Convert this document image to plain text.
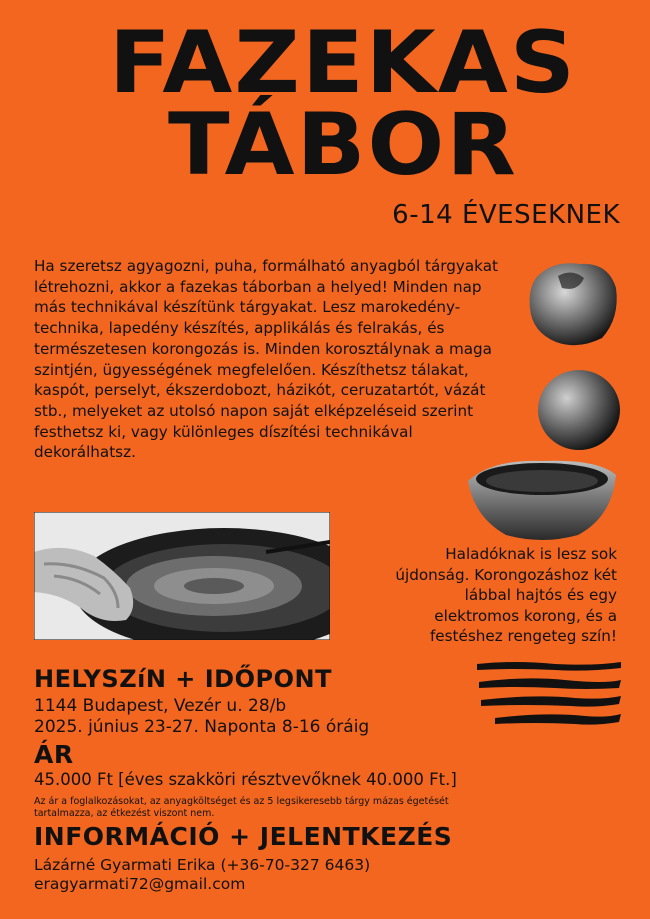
FAZEKAS
TÁBOR
6-14 ÉVESEKNEK

Ha szeretsz agyagozni, puha, formálható anyagból tárgyakat létrehozni, akkor a fazekas táborban a helyed! Minden nap más technikával készítünk tárgyakat. Lesz marokedény-technika, lapedény készítés, applikálás és felrakás, és természetesen korongozás is. Minden korosztálynak a maga szintjén, ügyességének megfelelően. Készíthetsz tálakat, kaspót, perselyt, ékszerdobozt, házikót, ceruzatartót, vázát stb., melyeket az utolsó napon saját elképzeléseid szerint festhetsz ki, vagy különleges díszítési technikával dekorálhatsz.

Haladóknak is lesz sok újdonság. Korongozáshoz két lábbal hajtós és egy elektromos korong, és a festéshez rengeteg szín!

HELYSZíN + IDŐPONT
1144 Budapest, Vezér u. 28/b
2025. június 23-27. Naponta 8-16 óráig
ÁR
45.000 Ft [éves szakköri résztvevőknek 40.000 Ft.]

Az ár a foglalkozásokat, az anyagköltséget és az 5 legsikeresebb tárgy mázas égetését tartalmazza, az étkezést viszont nem.

INFORMÁCIÓ + JELENTKEZÉS
Lázárné Gyarmati Erika (+36-70-327 6463)
eragyarmati72@gmail.com
